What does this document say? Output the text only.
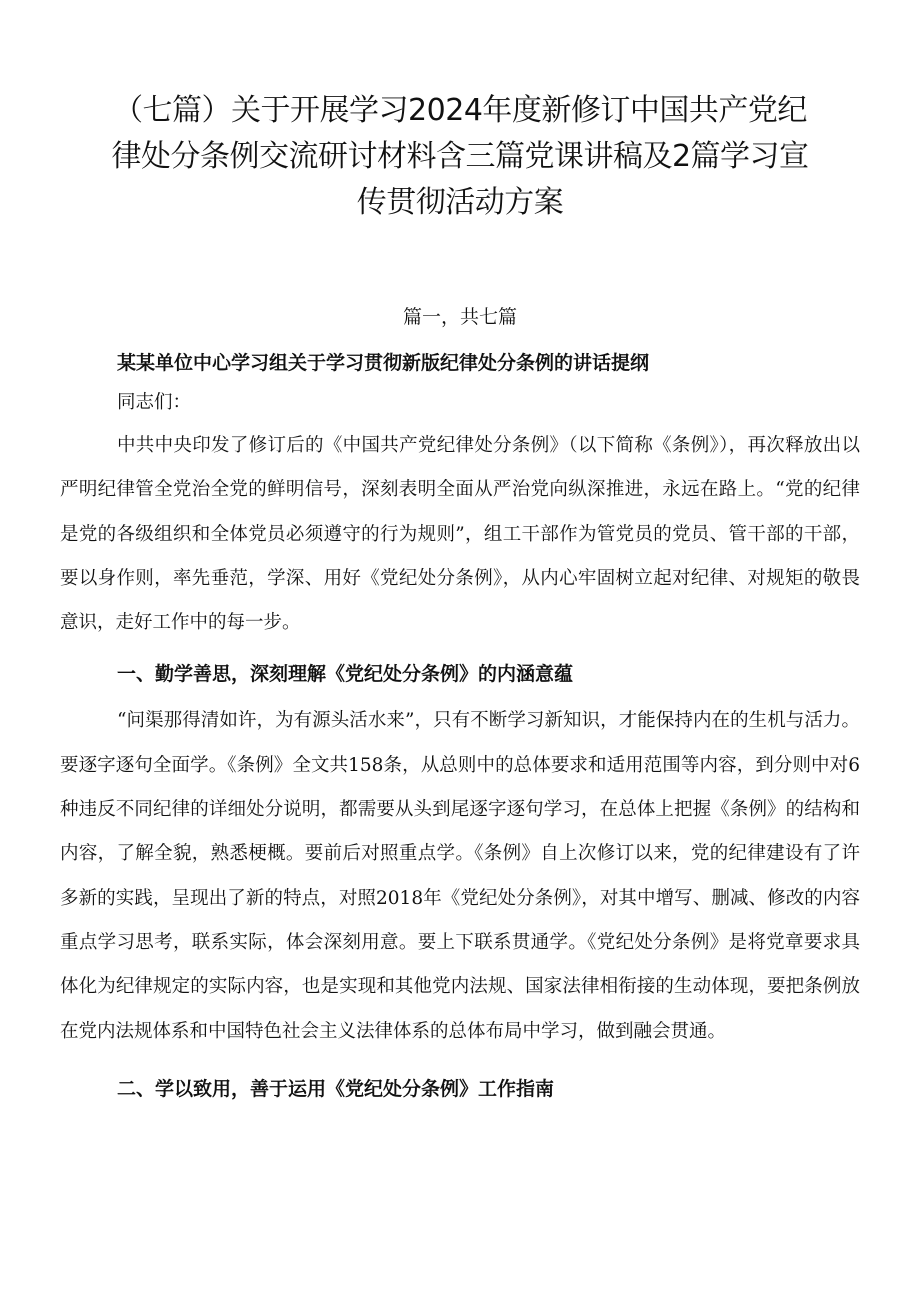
（七篇）关于开展学习2024年度新修订中国共产党纪
律处分条例交流研讨材料含三篇党课讲稿及2篇学习宣
传贯彻活动方案

篇一，共七篇

某某单位中心学习组关于学习贯彻新版纪律处分条例的讲话提纲

同志们：

中共中央印发了修订后的《中国共产党纪律处分条例》（以下简称《条例》），再次释放出以严明纪律管全党治全党的鲜明信号，深刻表明全面从严治党向纵深推进，永远在路上。“党的纪律是党的各级组织和全体党员必须遵守的行为规则”，组工干部作为管党员的党员、管干部的干部，要以身作则，率先垂范，学深、用好《党纪处分条例》，从内心牢固树立起对纪律、对规矩的敬畏意识，走好工作中的每一步。

一、勤学善思，深刻理解《党纪处分条例》的内涵意蕴

“问渠那得清如许，为有源头活水来”，只有不断学习新知识，才能保持内在的生机与活力。要逐字逐句全面学。《条例》全文共158条，从总则中的总体要求和适用范围等内容，到分则中对6种违反不同纪律的详细处分说明，都需要从头到尾逐字逐句学习，在总体上把握《条例》的结构和内容，了解全貌，熟悉梗概。要前后对照重点学。《条例》自上次修订以来，党的纪律建设有了许多新的实践，呈现出了新的特点，对照2018年《党纪处分条例》，对其中增写、删减、修改的内容重点学习思考，联系实际，体会深刻用意。要上下联系贯通学。《党纪处分条例》是将党章要求具体化为纪律规定的实际内容，也是实现和其他党内法规、国家法律相衔接的生动体现，要把条例放在党内法规体系和中国特色社会主义法律体系的总体布局中学习，做到融会贯通。

二、学以致用，善于运用《党纪处分条例》工作指南
